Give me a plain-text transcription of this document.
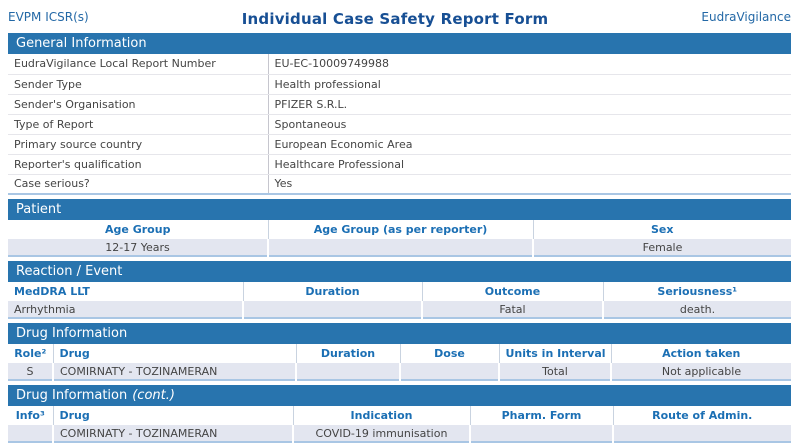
EVPM ICSR(s)	Individual Case Safety Report Form	EudraVigilance
General Information
EudraVigilance Local Report Number	EU-EC-10009749988
Sender Type	Health professional
Sender's Organisation	PFIZER S.R.L.
Type of Report	Spontaneous
Primary source country	European Economic Area
Reporter's qualification	Healthcare Professional
Case serious?	Yes
Patient
Age Group	Age Group (as per reporter)	Sex
12-17 Years		Female
Reaction / Event
MedDRA LLT	Duration	Outcome	Seriousness¹
Arrhythmia		Fatal	death.
Drug Information
Role²	Drug	Duration	Dose	Units in Interval	Action taken
S	COMIRNATY - TOZINAMERAN			Total	Not applicable
Drug Information (cont.)
Info³	Drug	Indication	Pharm. Form	Route of Admin.
	COMIRNATY - TOZINAMERAN	COVID-19 immunisation		
